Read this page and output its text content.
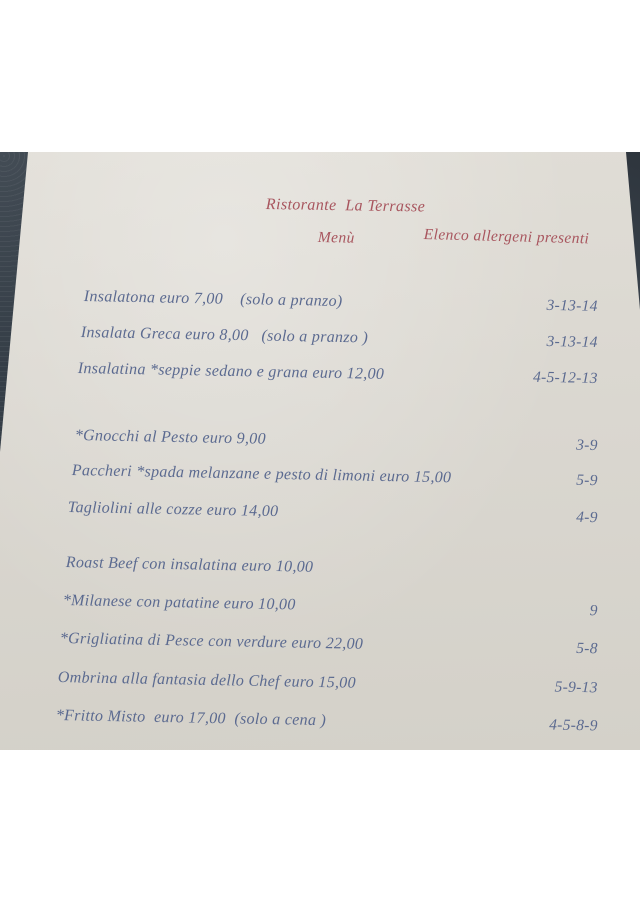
Ristorante  La Terrasse
Menù	Elenco allergeni presenti
Insalatona euro 7,00    (solo a pranzo)	3-13-14
Insalata Greca euro 8,00   (solo a pranzo )	3-13-14
Insalatina *seppie sedano e grana euro 12,00	4-5-12-13
*Gnocchi al Pesto euro 9,00	3-9
Paccheri *spada melanzane e pesto di limoni euro 15,00	5-9
Tagliolini alle cozze euro 14,00	4-9
Roast Beef con insalatina euro 10,00
*Milanese con patatine euro 10,00	9
*Grigliatina di Pesce con verdure euro 22,00	5-8
Ombrina alla fantasia dello Chef euro 15,00	5-9-13
*Fritto Misto  euro 17,00  (solo a cena )	4-5-8-9
